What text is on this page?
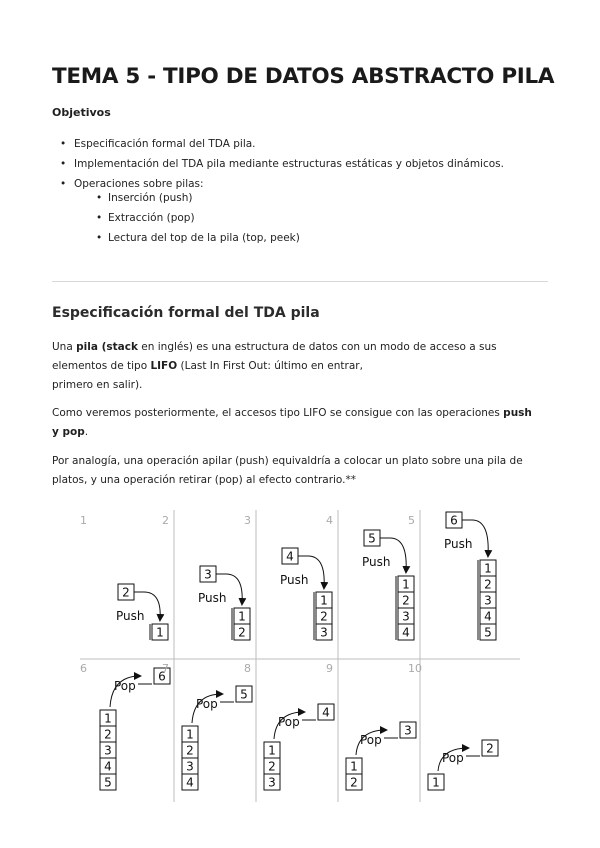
TEMA 5 - TIPO DE DATOS ABSTRACTO PILA
Objetivos
• Especificación formal del TDA pila.
• Implementación del TDA pila mediante estructuras estáticas y objetos dinámicos.
• Operaciones sobre pilas:
• Inserción (push)
• Extracción (pop)
• Lectura del top de la pila (top, peek)
Especificación formal del TDA pila

Una pila (stack en inglés) es una estructura de datos con un modo de acceso a sus
elementos de tipo LIFO (Last In First Out: último en entrar,
primero en salir).

Como veremos posteriormente, el accesos tipo LIFO se consigue con las operaciones push
y pop.

Por analogía, una operación apilar (push) equivaldría a colocar un plato sobre una pila de
platos, y una operación retirar (pop) al efecto contrario.**

1
1
2
Push
2
2
1
3
Push
3
3
2
1
4
Push
4
4
3
2
1
5
Push
5
5
4
3
2
1
6
Push
6
5
4
3
2
1
6
Pop
7
4
3
2
1
5
Pop
8
3
2
1
4
Pop
9
2
1
3
Pop
10
1
2
Pop
